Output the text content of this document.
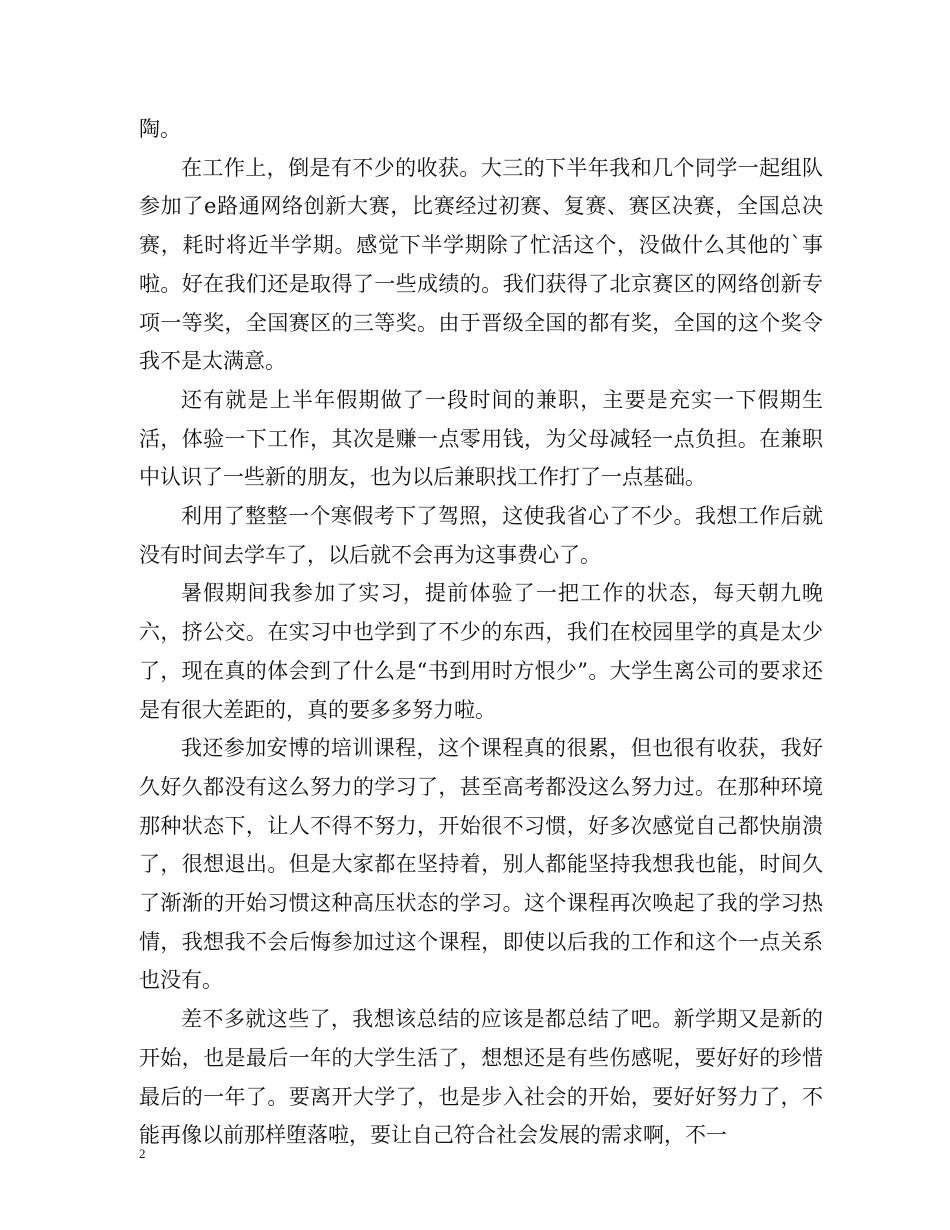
陶。

在工作上，倒是有不少的收获。大三的下半年我和几个同学一起组队参加了e路通网络创新大赛，比赛经过初赛、复赛、赛区决赛，全国总决赛，耗时将近半学期。感觉下半学期除了忙活这个，没做什么其他的`事啦。好在我们还是取得了一些成绩的。我们获得了北京赛区的网络创新专项一等奖，全国赛区的三等奖。由于晋级全国的都有奖，全国的这个奖令我不是太满意。

还有就是上半年假期做了一段时间的兼职，主要是充实一下假期生活，体验一下工作，其次是赚一点零用钱，为父母减轻一点负担。在兼职中认识了一些新的朋友，也为以后兼职找工作打了一点基础。

利用了整整一个寒假考下了驾照，这使我省心了不少。我想工作后就没有时间去学车了，以后就不会再为这事费心了。

暑假期间我参加了实习，提前体验了一把工作的状态，每天朝九晚六，挤公交。在实习中也学到了不少的东西，我们在校园里学的真是太少了，现在真的体会到了什么是“书到用时方恨少”。大学生离公司的要求还是有很大差距的，真的要多多努力啦。

我还参加安博的培训课程，这个课程真的很累，但也很有收获，我好久好久都没有这么努力的学习了，甚至高考都没这么努力过。在那种环境那种状态下，让人不得不努力，开始很不习惯，好多次感觉自己都快崩溃了，很想退出。但是大家都在坚持着，别人都能坚持我想我也能，时间久了渐渐的开始习惯这种高压状态的学习。这个课程再次唤起了我的学习热情，我想我不会后悔参加过这个课程，即使以后我的工作和这个一点关系也没有。

差不多就这些了，我想该总结的应该是都总结了吧。新学期又是新的开始，也是最后一年的大学生活了，想想还是有些伤感呢，要好好的珍惜最后的一年了。要离开大学了，也是步入社会的开始，要好好努力了，不能再像以前那样堕落啦，要让自己符合社会发展的需求啊，不一

2
